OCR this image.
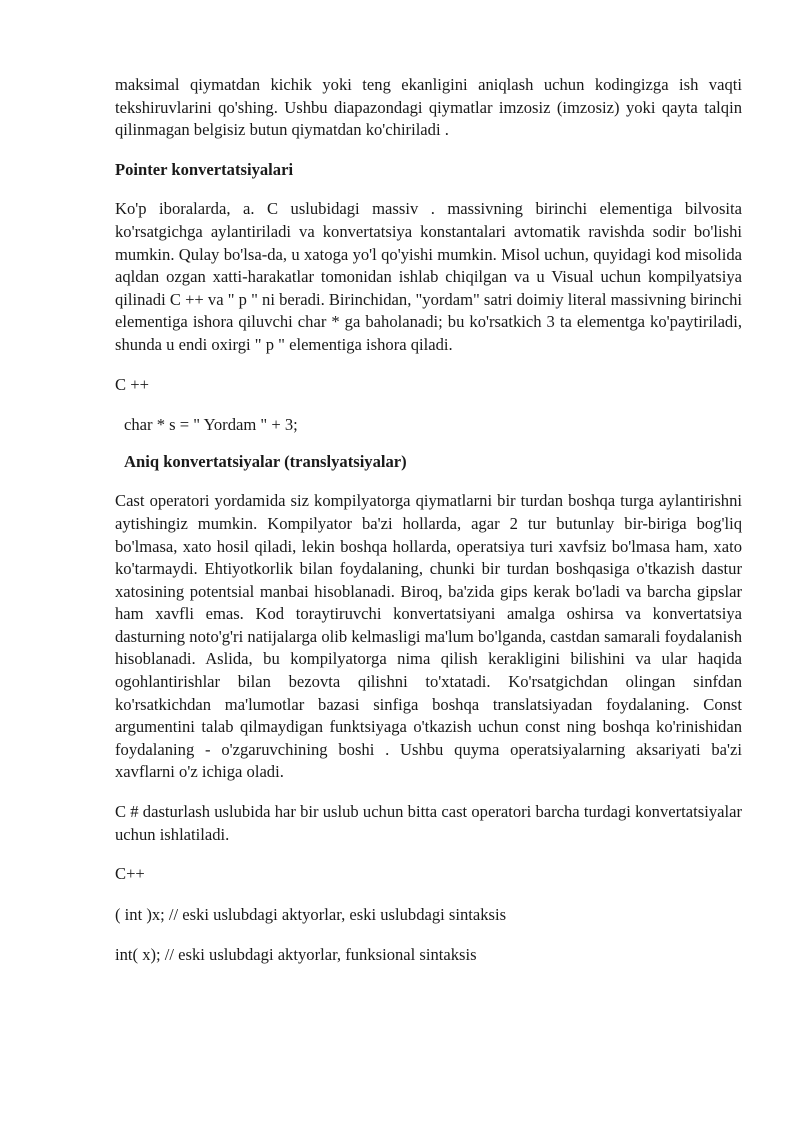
maksimal qiymatdan kichik yoki teng ekanligini aniqlash uchun kodingizga ish vaqti tekshiruvlarini qo'shing. Ushbu diapazondagi qiymatlar imzosiz (imzosiz) yoki qayta talqin qilinmagan belgisiz butun qiymatdan ko'chiriladi .

Pointer konvertatsiyalari

Ko'p iboralarda, a. C uslubidagi massiv . massivning birinchi elementiga bilvosita ko'rsatgichga aylantiriladi va konvertatsiya konstantalari avtomatik ravishda sodir bo'lishi mumkin. Qulay bo'lsa-da, u xatoga yo'l qo'yishi mumkin. Misol uchun, quyidagi kod misolida aqldan ozgan xatti-harakatlar tomonidan ishlab chiqilgan va u Visual uchun kompilyatsiya qilinadi C ++ va " p " ni beradi. Birinchidan, "yordam" satri doimiy literal massivning birinchi elementiga ishora qiluvchi char * ga baholanadi; bu ko'rsatkich 3 ta elementga ko'paytiriladi, shunda u endi oxirgi " p " elementiga ishora qiladi.

C ++

char * s = " Yordam " + 3;

Aniq konvertatsiyalar (translyatsiyalar)

Cast operatori yordamida siz kompilyatorga qiymatlarni bir turdan boshqa turga aylantirishni aytishingiz mumkin. Kompilyator ba'zi hollarda, agar 2 tur butunlay bir-biriga bog'liq bo'lmasa, xato hosil qiladi, lekin boshqa hollarda, operatsiya turi xavfsiz bo'lmasa ham, xato ko'tarmaydi. Ehtiyotkorlik bilan foydalaning, chunki bir turdan boshqasiga o'tkazish dastur xatosining potentsial manbai hisoblanadi. Biroq, ba'zida gips kerak bo'ladi va barcha gipslar ham xavfli emas. Kod toraytiruvchi konvertatsiyani amalga oshirsa va konvertatsiya dasturning noto'g'ri natijalarga olib kelmasligi ma'lum bo'lganda, castdan samarali foydalanish hisoblanadi. Aslida, bu kompilyatorga nima qilish kerakligini bilishini va ular haqida ogohlantirishlar bilan bezovta qilishni to'xtatadi. Ko'rsatgichdan olingan sinfdan ko'rsatkichdan ma'lumotlar bazasi sinfiga boshqa translatsiyadan foydalaning. Const argumentini talab qilmaydigan funktsiyaga o'tkazish uchun const ning boshqa ko'rinishidan foydalaning - o'zgaruvchining boshi . Ushbu quyma operatsiyalarning aksariyati ba'zi xavflarni o'z ichiga oladi.

C # dasturlash uslubida har bir uslub uchun bitta cast operatori barcha turdagi konvertatsiyalar uchun ishlatiladi.

C++

( int )x; // eski uslubdagi aktyorlar, eski uslubdagi sintaksis

int( x); // eski uslubdagi aktyorlar, funksional sintaksis
